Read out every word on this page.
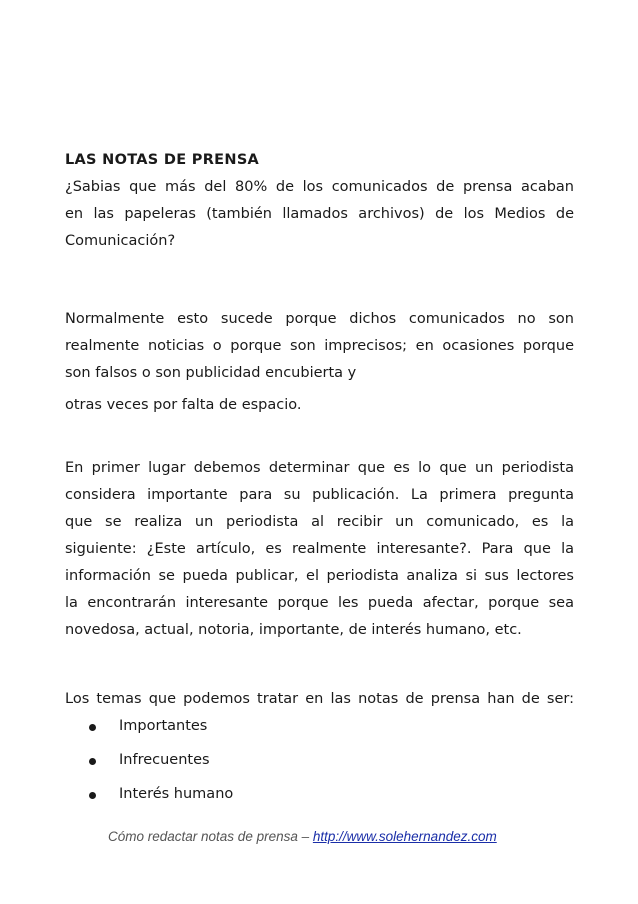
LAS NOTAS DE PRENSA
¿Sabias que más del 80% de los comunicados de prensa acaban
en las papeleras (también llamados archivos) de los Medios de
Comunicación?
Normalmente esto sucede porque dichos comunicados no son
realmente noticias o porque son imprecisos; en ocasiones porque
son falsos o son publicidad encubierta y
otras veces por falta de espacio.
En primer lugar debemos determinar que es lo que un periodista
considera importante para su publicación. La primera pregunta
que se realiza un periodista al recibir un comunicado, es la
siguiente: ¿Este artículo, es realmente interesante?. Para que la
información se pueda publicar, el periodista analiza si sus lectores
la encontrarán interesante porque les pueda afectar, porque sea
novedosa, actual, notoria, importante, de interés humano, etc.
Los temas que podemos tratar en las notas de prensa han de ser:
Importantes
Infrecuentes
Interés humano
Cómo redactar notas de prensa – http://www.solehernandez.com
